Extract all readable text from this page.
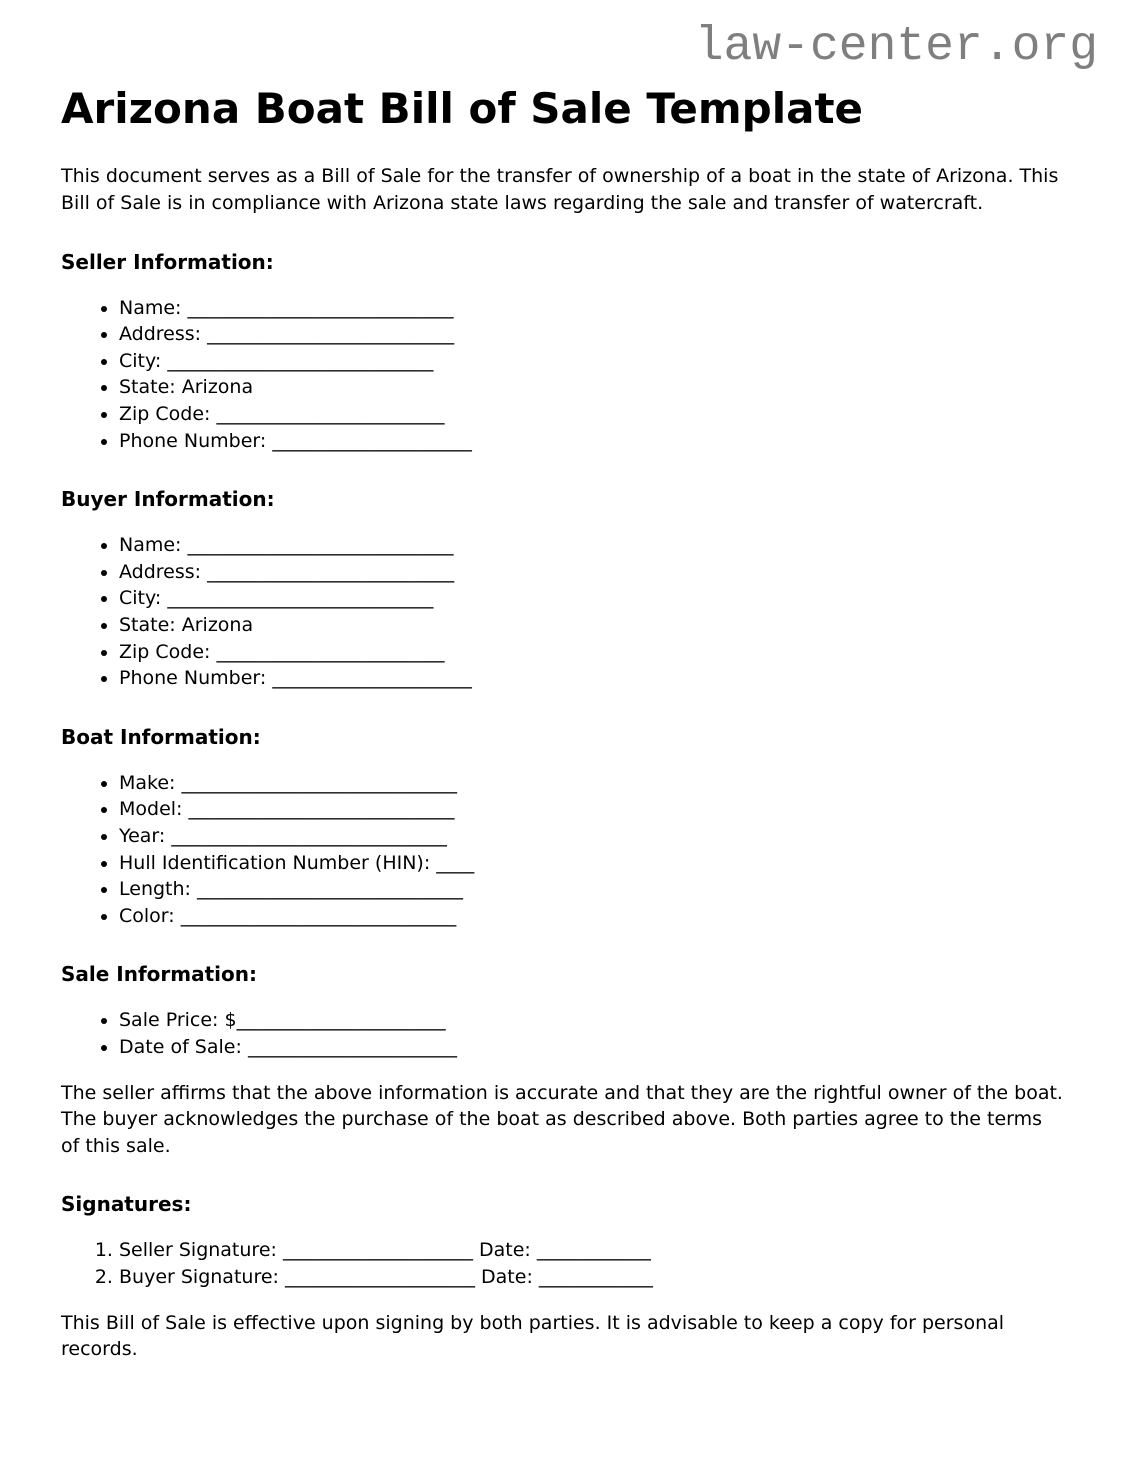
law-center.org
Arizona Boat Bill of Sale Template

This document serves as a Bill of Sale for the transfer of ownership of a boat in the state of Arizona. This Bill of Sale is in compliance with Arizona state laws regarding the sale and transfer of watercraft.

Seller Information:
• Name: ____________________________
• Address: __________________________
• City: ____________________________
• State: Arizona
• Zip Code: ________________________
• Phone Number: _____________________
Buyer Information:
• Name: ____________________________
• Address: __________________________
• City: ____________________________
• State: Arizona
• Zip Code: ________________________
• Phone Number: _____________________
Boat Information:
• Make: _____________________________
• Model: ____________________________
• Year: _____________________________
• Hull Identification Number (HIN): ____
• Length: ____________________________
• Color: _____________________________
Sale Information:
• Sale Price: $______________________
• Date of Sale: ______________________

The seller affirms that the above information is accurate and that they are the rightful owner of the boat. The buyer acknowledges the purchase of the boat as described above. Both parties agree to the terms of this sale.

Signatures:
1. Seller Signature: ____________________ Date: ____________
2. Buyer Signature: ____________________ Date: ____________

This Bill of Sale is effective upon signing by both parties. It is advisable to keep a copy for personal records.
